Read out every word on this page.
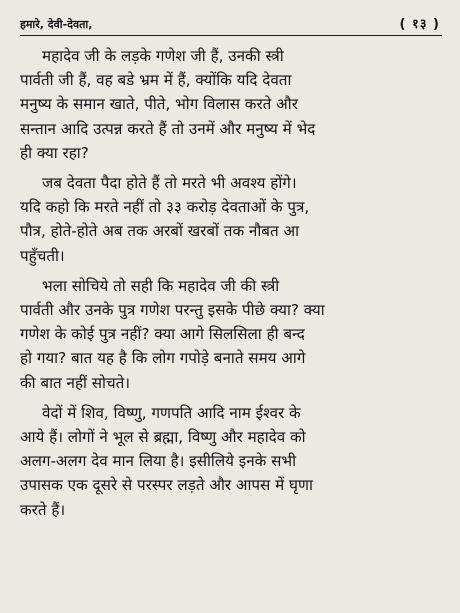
हमारे, देवी-देवता,	( १३ )

महादेव जी के लड़के गणेश जी हैं, उनकी स्त्री
पार्वती जी हैं, वह बडे भ्रम में हैं, क्योंकि यदि देवता
मनुष्य के समान खाते, पीते, भोग विलास करते और
सन्तान आदि उत्पन्न करते हैं तो उनमें और मनुष्य में भेद
ही क्या रहा?

जब देवता पैदा होते हैं तो मरते भी अवश्य होंगे।
यदि कहो कि मरते नहीं तो ३३ करोड़ देवताओं के पुत्र,
पौत्र, होते-होते अब तक अरबों खरबों तक नौबत आ
पहुँचती।

भला सोचिये तो सही कि महादेव जी की स्त्री
पार्वती और उनके पुत्र गणेश परन्तु इसके पीछे क्या? क्या
गणेश के कोई पुत्र नहीं? क्या आगे सिलसिला ही बन्द
हो गया? बात यह है कि लोग गपोड़े बनाते समय आगे
की बात नहीं सोचते।

वेदों में शिव, विष्णु, गणपति आदि नाम ईश्वर के
आये हैं। लोगों ने भूल से ब्रह्मा, विष्णु और महादेव को
अलग-अलग देव मान लिया है। इसीलिये इनके सभी
उपासक एक दूसरे से परस्पर लड़ते और आपस में घृणा
करते हैं।
